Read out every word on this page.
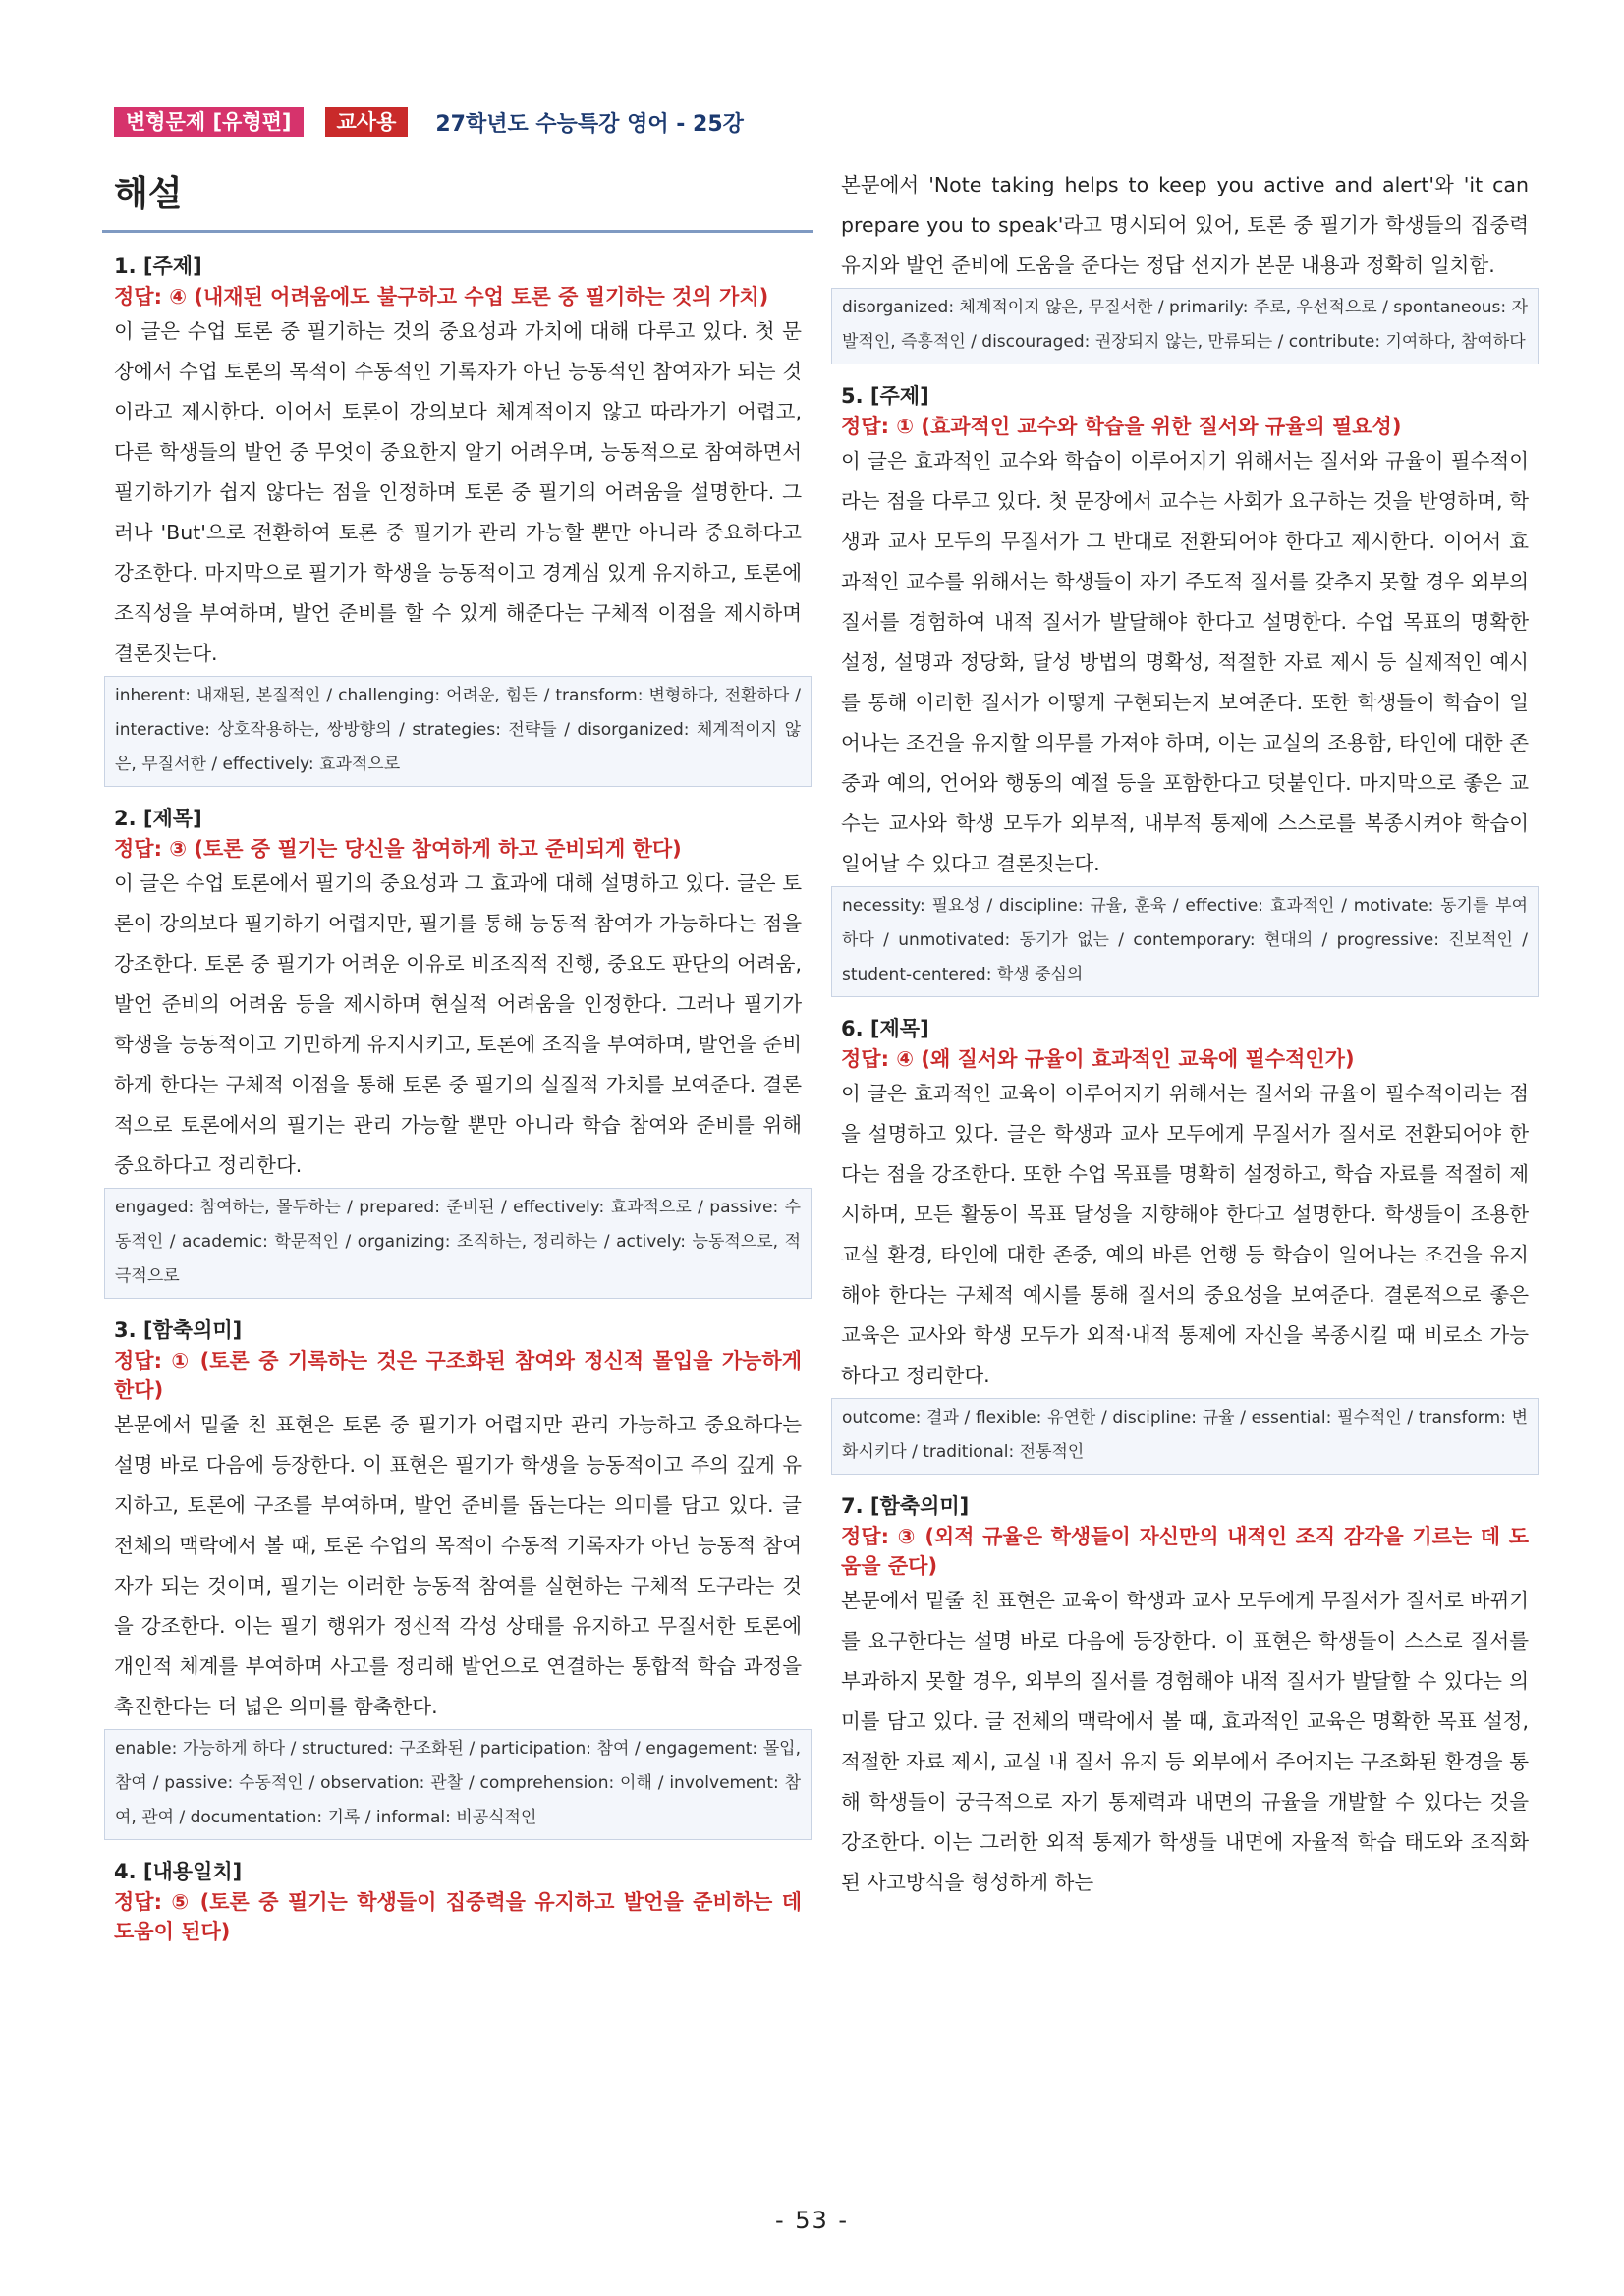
변형문제 [유형편]	교사용	27학년도 수능특강 영어 - 25강
해설
1. [주제]
정답: ④ (내재된 어려움에도 불구하고 수업 토론 중 필기하는 것의 가치)

이 글은 수업 토론 중 필기하는 것의 중요성과 가치에 대해 다루고 있다. 첫 문장에서 수업 토론의 목적이 수동적인 기록자가 아닌 능동적인 참여자가 되는 것이라고 제시한다. 이어서 토론이 강의보다 체계적이지 않고 따라가기 어렵고, 다른 학생들의 발언 중 무엇이 중요한지 알기 어려우며, 능동적으로 참여하면서 필기하기가 쉽지 않다는 점을 인정하며 토론 중 필기의 어려움을 설명한다. 그러나 'But'으로 전환하여 토론 중 필기가 관리 가능할 뿐만 아니라 중요하다고 강조한다. 마지막으로 필기가 학생을 능동적이고 경계심 있게 유지하고, 토론에 조직성을 부여하며, 발언 준비를 할 수 있게 해준다는 구체적 이점을 제시하며 결론짓는다.

inherent: 내재된, 본질적인 / challenging: 어려운, 힘든 / transform: 변형하다, 전환하다 / interactive: 상호작용하는, 쌍방향의 / strategies: 전략들 / disorganized: 체계적이지 않은, 무질서한 / effectively: 효과적으로
2. [제목]
정답: ③ (토론 중 필기는 당신을 참여하게 하고 준비되게 한다)

이 글은 수업 토론에서 필기의 중요성과 그 효과에 대해 설명하고 있다. 글은 토론이 강의보다 필기하기 어렵지만, 필기를 통해 능동적 참여가 가능하다는 점을 강조한다. 토론 중 필기가 어려운 이유로 비조직적 진행, 중요도 판단의 어려움, 발언 준비의 어려움 등을 제시하며 현실적 어려움을 인정한다. 그러나 필기가 학생을 능동적이고 기민하게 유지시키고, 토론에 조직을 부여하며, 발언을 준비하게 한다는 구체적 이점을 통해 토론 중 필기의 실질적 가치를 보여준다. 결론적으로 토론에서의 필기는 관리 가능할 뿐만 아니라 학습 참여와 준비를 위해 중요하다고 정리한다.

engaged: 참여하는, 몰두하는 / prepared: 준비된 / effectively: 효과적으로 / passive: 수동적인 / academic: 학문적인 / organizing: 조직하는, 정리하는 / actively: 능동적으로, 적극적으로
3. [함축의미]
정답: ① (토론 중 기록하는 것은 구조화된 참여와 정신적 몰입을 가능하게 한다)

본문에서 밑줄 친 표현은 토론 중 필기가 어렵지만 관리 가능하고 중요하다는 설명 바로 다음에 등장한다. 이 표현은 필기가 학생을 능동적이고 주의 깊게 유지하고, 토론에 구조를 부여하며, 발언 준비를 돕는다는 의미를 담고 있다. 글 전체의 맥락에서 볼 때, 토론 수업의 목적이 수동적 기록자가 아닌 능동적 참여자가 되는 것이며, 필기는 이러한 능동적 참여를 실현하는 구체적 도구라는 것을 강조한다. 이는 필기 행위가 정신적 각성 상태를 유지하고 무질서한 토론에 개인적 체계를 부여하며 사고를 정리해 발언으로 연결하는 통합적 학습 과정을 촉진한다는 더 넓은 의미를 함축한다.

enable: 가능하게 하다 / structured: 구조화된 / participation: 참여 / engagement: 몰입, 참여 / passive: 수동적인 / observation: 관찰 / comprehension: 이해 / involvement: 참여, 관여 / documentation: 기록 / informal: 비공식적인
4. [내용일치]
정답: ⑤ (토론 중 필기는 학생들이 집중력을 유지하고 발언을 준비하는 데 도움이 된다)

본문에서 'Note taking helps to keep you active and alert'와 'it can prepare you to speak'라고 명시되어 있어, 토론 중 필기가 학생들의 집중력 유지와 발언 준비에 도움을 준다는 정답 선지가 본문 내용과 정확히 일치함.

disorganized: 체계적이지 않은, 무질서한 / primarily: 주로, 우선적으로 / spontaneous: 자발적인, 즉흥적인 / discouraged: 권장되지 않는, 만류되는 / contribute: 기여하다, 참여하다
5. [주제]
정답: ① (효과적인 교수와 학습을 위한 질서와 규율의 필요성)

이 글은 효과적인 교수와 학습이 이루어지기 위해서는 질서와 규율이 필수적이라는 점을 다루고 있다. 첫 문장에서 교수는 사회가 요구하는 것을 반영하며, 학생과 교사 모두의 무질서가 그 반대로 전환되어야 한다고 제시한다. 이어서 효과적인 교수를 위해서는 학생들이 자기 주도적 질서를 갖추지 못할 경우 외부의 질서를 경험하여 내적 질서가 발달해야 한다고 설명한다. 수업 목표의 명확한 설정, 설명과 정당화, 달성 방법의 명확성, 적절한 자료 제시 등 실제적인 예시를 통해 이러한 질서가 어떻게 구현되는지 보여준다. 또한 학생들이 학습이 일어나는 조건을 유지할 의무를 가져야 하며, 이는 교실의 조용함, 타인에 대한 존중과 예의, 언어와 행동의 예절 등을 포함한다고 덧붙인다. 마지막으로 좋은 교수는 교사와 학생 모두가 외부적, 내부적 통제에 스스로를 복종시켜야 학습이 일어날 수 있다고 결론짓는다.

necessity: 필요성 / discipline: 규율, 훈육 / effective: 효과적인 / motivate: 동기를 부여하다 / unmotivated: 동기가 없는 / contemporary: 현대의 / progressive: 진보적인 / student-centered: 학생 중심의
6. [제목]
정답: ④ (왜 질서와 규율이 효과적인 교육에 필수적인가)

이 글은 효과적인 교육이 이루어지기 위해서는 질서와 규율이 필수적이라는 점을 설명하고 있다. 글은 학생과 교사 모두에게 무질서가 질서로 전환되어야 한다는 점을 강조한다. 또한 수업 목표를 명확히 설정하고, 학습 자료를 적절히 제시하며, 모든 활동이 목표 달성을 지향해야 한다고 설명한다. 학생들이 조용한 교실 환경, 타인에 대한 존중, 예의 바른 언행 등 학습이 일어나는 조건을 유지해야 한다는 구체적 예시를 통해 질서의 중요성을 보여준다. 결론적으로 좋은 교육은 교사와 학생 모두가 외적·내적 통제에 자신을 복종시킬 때 비로소 가능하다고 정리한다.

outcome: 결과 / flexible: 유연한 / discipline: 규율 / essential: 필수적인 / transform: 변화시키다 / traditional: 전통적인
7. [함축의미]
정답: ③ (외적 규율은 학생들이 자신만의 내적인 조직 감각을 기르는 데 도움을 준다)

본문에서 밑줄 친 표현은 교육이 학생과 교사 모두에게 무질서가 질서로 바뀌기를 요구한다는 설명 바로 다음에 등장한다. 이 표현은 학생들이 스스로 질서를 부과하지 못할 경우, 외부의 질서를 경험해야 내적 질서가 발달할 수 있다는 의미를 담고 있다. 글 전체의 맥락에서 볼 때, 효과적인 교육은 명확한 목표 설정, 적절한 자료 제시, 교실 내 질서 유지 등 외부에서 주어지는 구조화된 환경을 통해 학생들이 궁극적으로 자기 통제력과 내면의 규율을 개발할 수 있다는 것을 강조한다. 이는 그러한 외적 통제가 학생들 내면에 자율적 학습 태도와 조직화된 사고방식을 형성하게 하는

- 53 -
